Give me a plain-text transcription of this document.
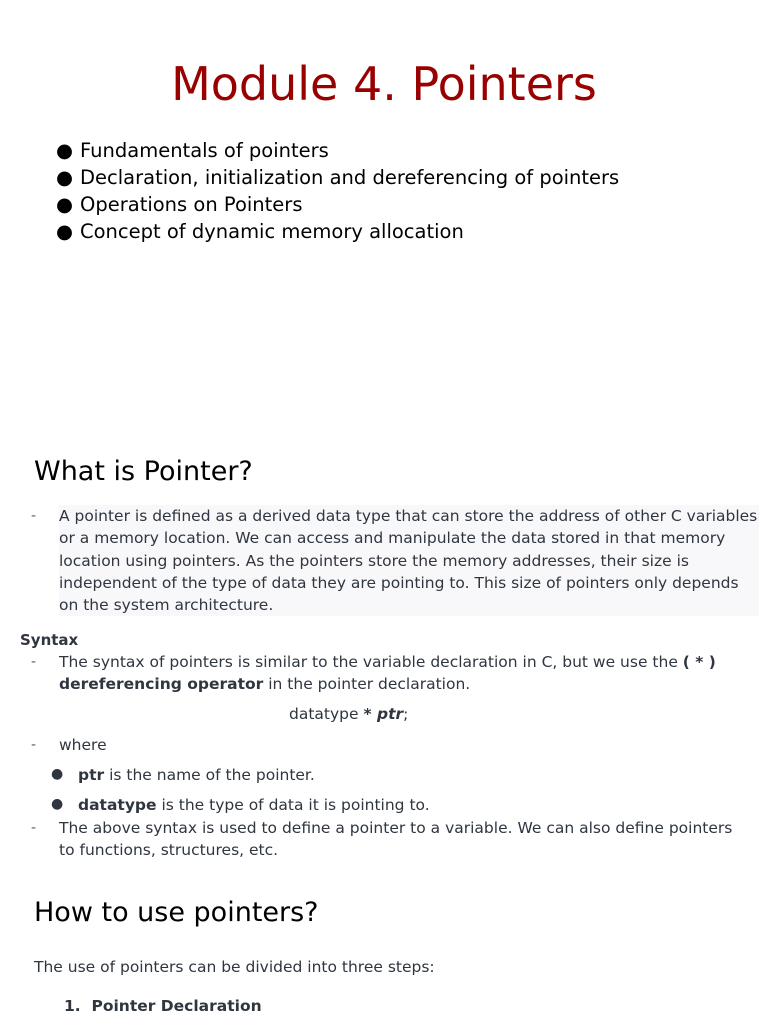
Module 4. Pointers
● Fundamentals of pointers
● Declaration, initialization and dereferencing of pointers
● Operations on Pointers
● Concept of dynamic memory allocation
What is Pointer?
-	A pointer is defined as a derived data type that can store the address of other C variables or a memory location. We can access and manipulate the data stored in that memory location using pointers. As the pointers store the memory addresses, their size is independent of the type of data they are pointing to. This size of pointers only depends on the system architecture.
Syntax
-	The syntax of pointers is similar to the variable declaration in C, but we use the ( * ) dereferencing operator in the pointer declaration.
datatype * ptr;
-	where
● ptr is the name of the pointer.
● datatype is the type of data it is pointing to.
-	The above syntax is used to define a pointer to a variable. We can also define pointers to functions, structures, etc.
How to use pointers?
The use of pointers can be divided into three steps:
1. Pointer Declaration
